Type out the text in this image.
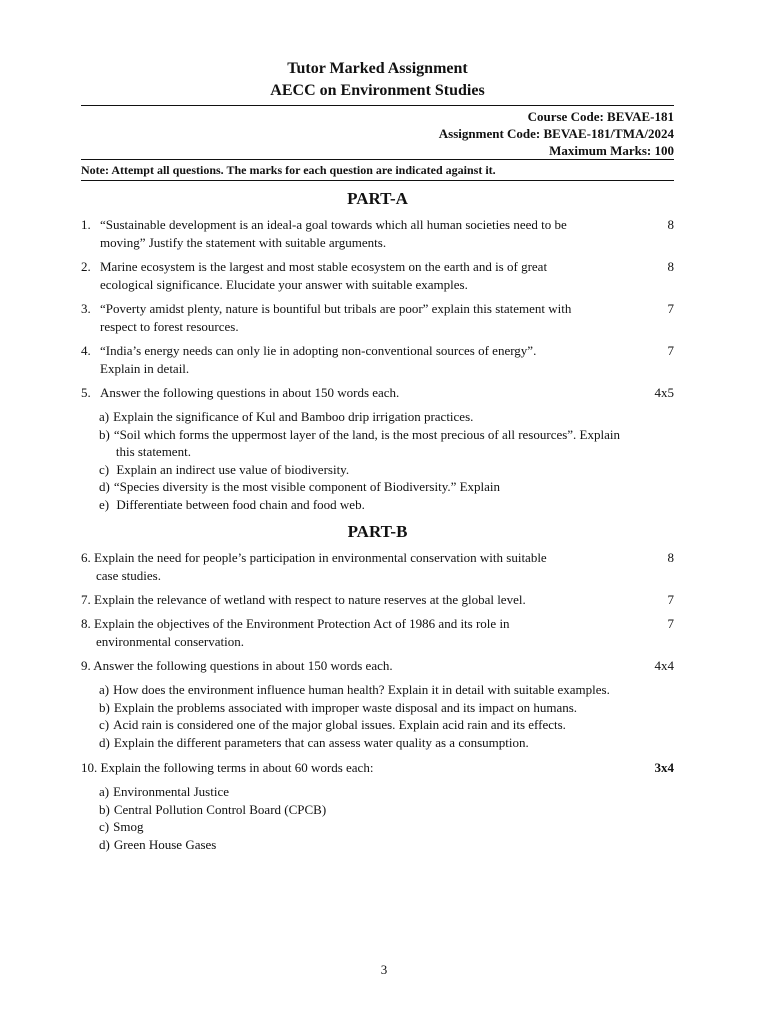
Tutor Marked Assignment
AECC on Environment Studies
Course Code: BEVAE-181
Assignment Code: BEVAE-181/TMA/2024
Maximum Marks: 100
Note: Attempt all questions. The marks for each question are indicated against it.
PART-A
1. “Sustainable development is an ideal-a goal towards which all human societies need to be
moving” Justify the statement with suitable arguments.
8
2. Marine ecosystem is the largest and most stable ecosystem on the earth and is of great
ecological significance. Elucidate your answer with suitable examples.
8
3. “Poverty amidst plenty, nature is bountiful but tribals are poor” explain this statement with
respect to forest resources.
7
4. “India’s energy needs can only lie in adopting non-conventional sources of energy”.
Explain in detail.
7
5. Answer the following questions in about 150 words each.	4x5
a) Explain the significance of Kul and Bamboo drip irrigation practices.
b) “Soil which forms the uppermost layer of the land, is the most precious of all resources”. Explain
this statement.
c) Explain an indirect use value of biodiversity.
d) “Species diversity is the most visible component of Biodiversity.” Explain
e) Differentiate between food chain and food web.
PART-B
6. Explain the need for people’s participation in environmental conservation with suitable
case studies.
8
7. Explain the relevance of wetland with respect to nature reserves at the global level.	7
8. Explain the objectives of the Environment Protection Act of 1986 and its role in
environmental conservation.
7
9. Answer the following questions in about 150 words each.	4x4
a) How does the environment influence human health? Explain it in detail with suitable examples.
b) Explain the problems associated with improper waste disposal and its impact on humans.
c) Acid rain is considered one of the major global issues. Explain acid rain and its effects.
d) Explain the different parameters that can assess water quality as a consumption.
10. Explain the following terms in about 60 words each:	3x4
a) Environmental Justice
b) Central Pollution Control Board (CPCB)
c) Smog
d) Green House Gases
3
